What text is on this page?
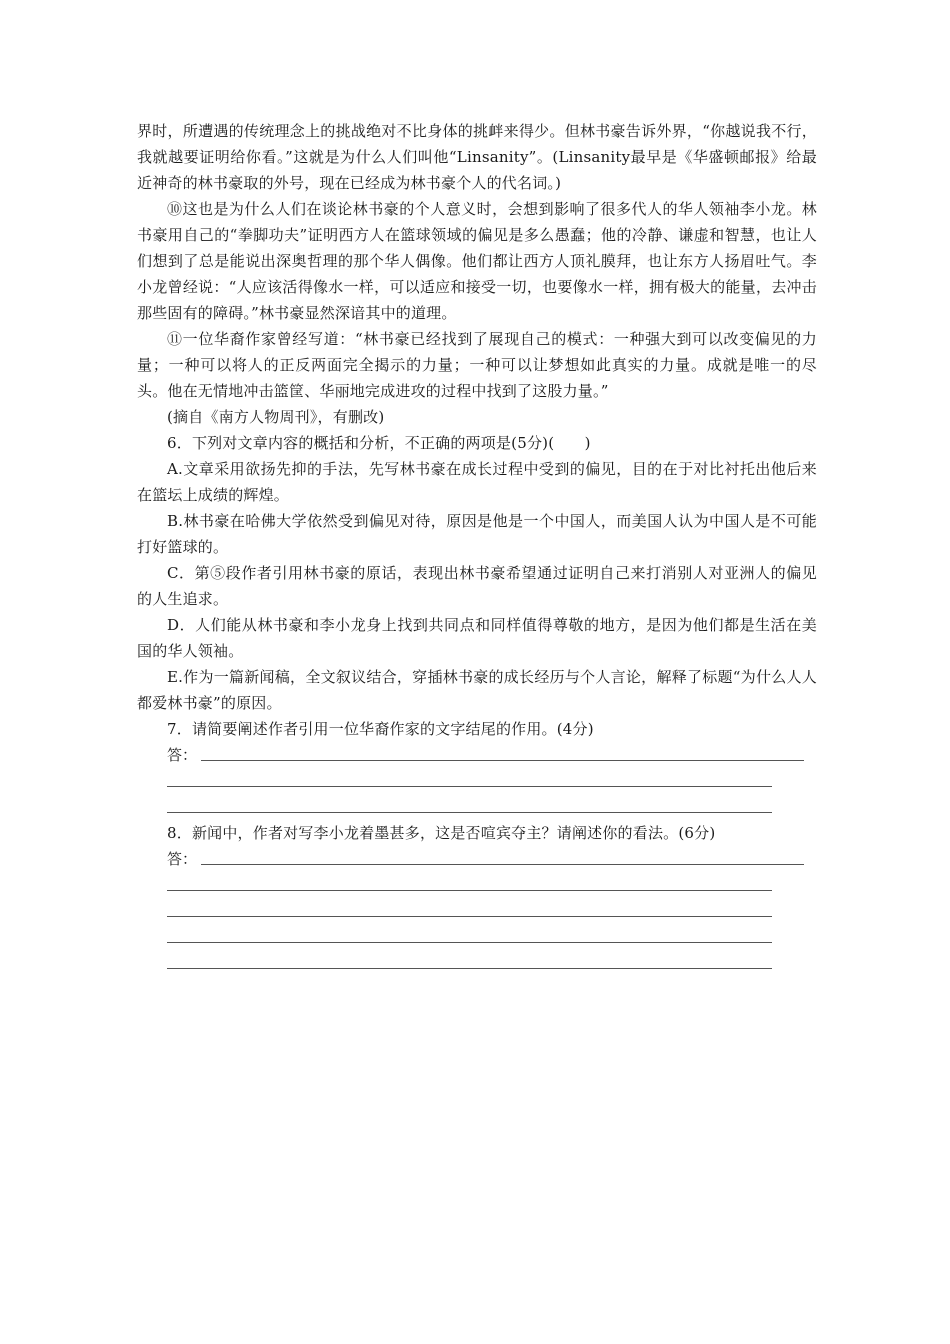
界时，所遭遇的传统理念上的挑战绝对不比身体的挑衅来得少。但林书豪告诉外界，“你越说我不行，我就越要证明给你看。”这就是为什么人们叫他“Linsanity”。(Linsanity最早是《华盛顿邮报》给最近神奇的林书豪取的外号，现在已经成为林书豪个人的代名词。)

⑩这也是为什么人们在谈论林书豪的个人意义时，会想到影响了很多代人的华人领袖李小龙。林书豪用自己的“拳脚功夫”证明西方人在篮球领域的偏见是多么愚蠢；他的冷静、谦虚和智慧，也让人们想到了总是能说出深奥哲理的那个华人偶像。他们都让西方人顶礼膜拜，也让东方人扬眉吐气。李小龙曾经说：“人应该活得像水一样，可以适应和接受一切，也要像水一样，拥有极大的能量，去冲击那些固有的障碍。”林书豪显然深谙其中的道理。

⑪一位华裔作家曾经写道：“林书豪已经找到了展现自己的模式：一种强大到可以改变偏见的力量；一种可以将人的正反两面完全揭示的力量；一种可以让梦想如此真实的力量。成就是唯一的尽头。他在无情地冲击篮筐、华丽地完成进攻的过程中找到了这股力量。”

(摘自《南方人物周刊》，有删改)

6．下列对文章内容的概括和分析，不正确的两项是(5分)(　　)

A.文章采用欲扬先抑的手法，先写林书豪在成长过程中受到的偏见，目的在于对比衬托出他后来在篮坛上成绩的辉煌。

B.林书豪在哈佛大学依然受到偏见对待，原因是他是一个中国人，而美国人认为中国人是不可能打好篮球的。

C．第⑤段作者引用林书豪的原话，表现出林书豪希望通过证明自己来打消别人对亚洲人的偏见的人生追求。

D．人们能从林书豪和李小龙身上找到共同点和同样值得尊敬的地方，是因为他们都是生活在美国的华人领袖。

E.作为一篇新闻稿，全文叙议结合，穿插林书豪的成长经历与个人言论，解释了标题“为什么人人都爱林书豪”的原因。

7．请简要阐述作者引用一位华裔作家的文字结尾的作用。(4分)

答：

8．新闻中，作者对写李小龙着墨甚多，这是否喧宾夺主？请阐述你的看法。(6分)

答：
